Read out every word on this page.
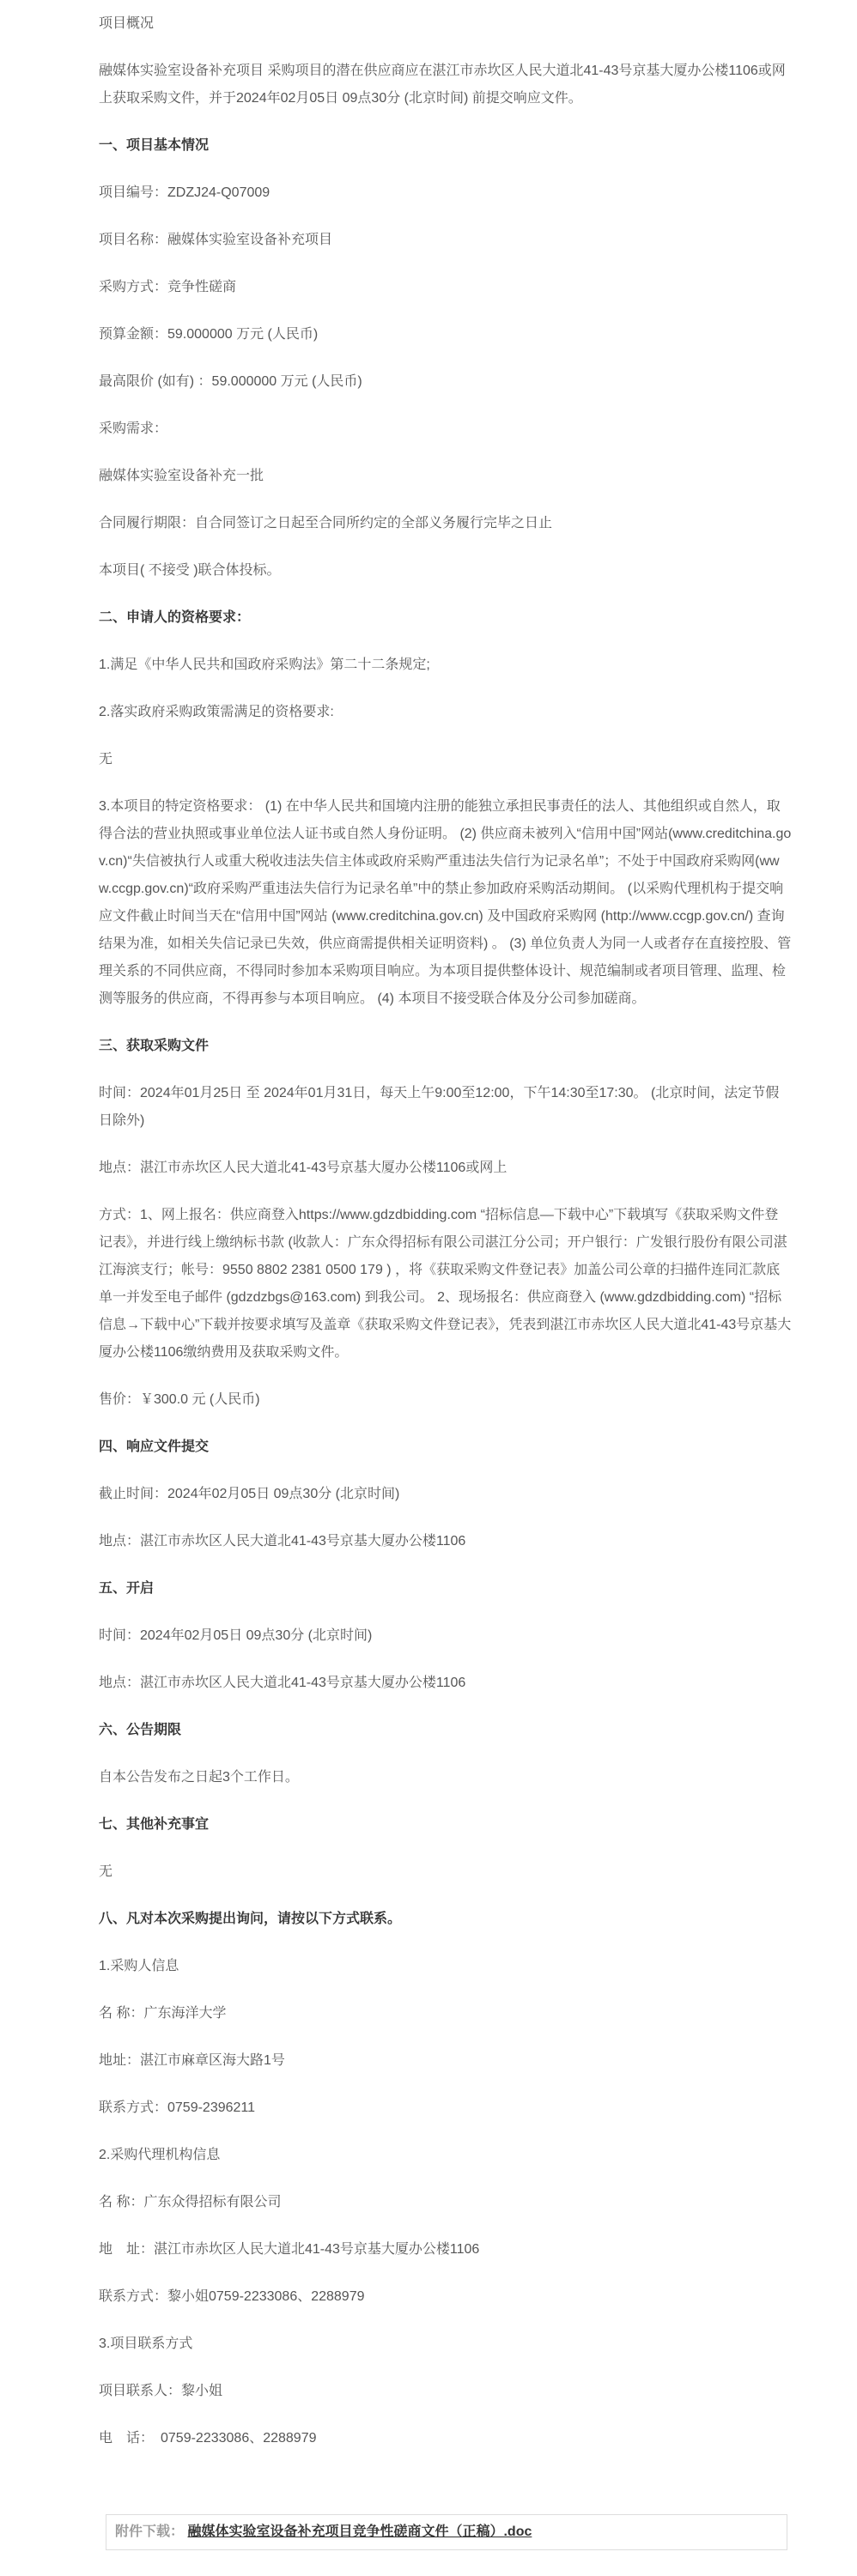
项目概况

融媒体实验室设备补充项目 采购项目的潜在供应商应在湛江市赤坎区人民大道北41-43号京基大厦办公楼1106或网上获取采购文件，并于2024年02月05日 09点30分 (北京时间) 前提交响应文件。

一、项目基本情况

项目编号：ZDZJ24-Q07009

项目名称：融媒体实验室设备补充项目

采购方式：竞争性磋商

预算金额：59.000000 万元 (人民币)

最高限价 (如有) ：59.000000 万元 (人民币)

采购需求：

融媒体实验室设备补充一批

合同履行期限：自合同签订之日起至合同所约定的全部义务履行完毕之日止

本项目( 不接受 )联合体投标。

二、申请人的资格要求：

1.满足《中华人民共和国政府采购法》第二十二条规定;

2.落实政府采购政策需满足的资格要求:

无

3.本项目的特定资格要求： (1) 在中华人民共和国境内注册的能独立承担民事责任的法人、其他组织或自然人，取得合法的营业执照或事业单位法人证书或自然人身份证明。 (2) 供应商未被列入“信用中国”网站(www.creditchina.gov.cn)“失信被执行人或重大税收违法失信主体或政府采购严重违法失信行为记录名单”；不处于中国政府采购网(www.ccgp.gov.cn)“政府采购严重违法失信行为记录名单”中的禁止参加政府采购活动期间。 (以采购代理机构于提交响应文件截止时间当天在“信用中国”网站 (www.creditchina.gov.cn) 及中国政府采购网 (http://www.ccgp.gov.cn/) 查询结果为准，如相关失信记录已失效，供应商需提供相关证明资料) 。 (3) 单位负责人为同一人或者存在直接控股、管理关系的不同供应商，不得同时参加本采购项目响应。为本项目提供整体设计、规范编制或者项目管理、监理、检测等服务的供应商，不得再参与本项目响应。 (4) 本项目不接受联合体及分公司参加磋商。

三、获取采购文件

时间：2024年01月25日 至 2024年01月31日，每天上午9:00至12:00，下午14:30至17:30。 (北京时间，法定节假日除外)

地点：湛江市赤坎区人民大道北41-43号京基大厦办公楼1106或网上

方式：1、网上报名：供应商登入https://www.gdzdbidding.com “招标信息—下载中心”下载填写《获取采购文件登记表》，并进行线上缴纳标书款 (收款人：广东众得招标有限公司湛江分公司；开户银行：广发银行股份有限公司湛江海滨支行；帐号：9550 8802 2381 0500 179 ) ，将《获取采购文件登记表》加盖公司公章的扫描件连同汇款底单一并发至电子邮件 (gdzdzbgs@163.com) 到我公司。 2、现场报名：供应商登入 (www.gdzdbidding.com) “招标信息→下载中心”下载并按要求填写及盖章《获取采购文件登记表》，凭表到湛江市赤坎区人民大道北41-43号京基大厦办公楼1106缴纳费用及获取采购文件。

售价：￥300.0 元 (人民币)

四、响应文件提交

截止时间：2024年02月05日 09点30分 (北京时间)

地点：湛江市赤坎区人民大道北41-43号京基大厦办公楼1106

五、开启

时间：2024年02月05日 09点30分 (北京时间)

地点：湛江市赤坎区人民大道北41-43号京基大厦办公楼1106

六、公告期限

自本公告发布之日起3个工作日。

七、其他补充事宜

无

八、凡对本次采购提出询问，请按以下方式联系。

1.采购人信息

名 称：广东海洋大学

地址：湛江市麻章区海大路1号

联系方式：0759-2396211

2.采购代理机构信息

名 称：广东众得招标有限公司

地　址：湛江市赤坎区人民大道北41-43号京基大厦办公楼1106

联系方式：黎小姐0759-2233086、2288979

3.项目联系方式

项目联系人：黎小姐

电　话：　0759-2233086、2288979

附件下载： 融媒体实验室设备补充项目竞争性磋商文件（正稿）.doc
